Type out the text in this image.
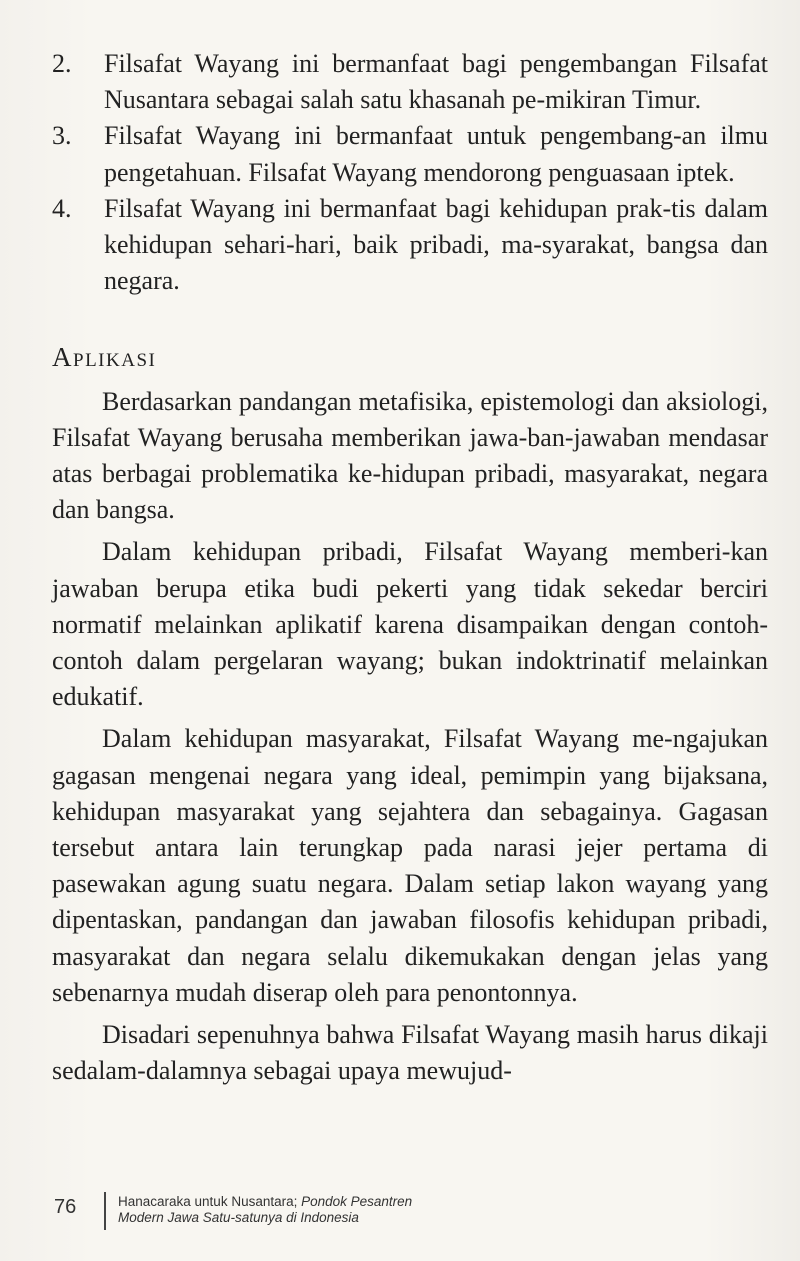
2. Filsafat Wayang ini bermanfaat bagi pengembangan Filsafat Nusantara sebagai salah satu khasanah pe-mikiran Timur.
3. Filsafat Wayang ini bermanfaat untuk pengembang-an ilmu pengetahuan. Filsafat Wayang mendorong penguasaan iptek.
4. Filsafat Wayang ini bermanfaat bagi kehidupan prak-tis dalam kehidupan sehari-hari, baik pribadi, ma-syarakat, bangsa dan negara.
Aplikasi

Berdasarkan pandangan metafisika, epistemologi dan aksiologi, Filsafat Wayang berusaha memberikan jawa-ban-jawaban mendasar atas berbagai problematika ke-hidupan pribadi, masyarakat, negara dan bangsa.

Dalam kehidupan pribadi, Filsafat Wayang memberi-kan jawaban berupa etika budi pekerti yang tidak sekedar berciri normatif melainkan aplikatif karena disampaikan dengan contoh-contoh dalam pergelaran wayang; bukan indoktrinatif melainkan edukatif.

Dalam kehidupan masyarakat, Filsafat Wayang me-ngajukan gagasan mengenai negara yang ideal, pemimpin yang bijaksana, kehidupan masyarakat yang sejahtera dan sebagainya. Gagasan tersebut antara lain terungkap pada narasi jejer pertama di pasewakan agung suatu negara. Dalam setiap lakon wayang yang dipentaskan, pandangan dan jawaban filosofis kehidupan pribadi, masyarakat dan negara selalu dikemukakan dengan jelas yang sebenarnya mudah diserap oleh para penontonnya.

Disadari sepenuhnya bahwa Filsafat Wayang masih harus dikaji sedalam-dalamnya sebagai upaya mewujud-

76	Hanacaraka untuk Nusantara; Pondok Pesantren
Modern Jawa Satu-satunya di Indonesia
